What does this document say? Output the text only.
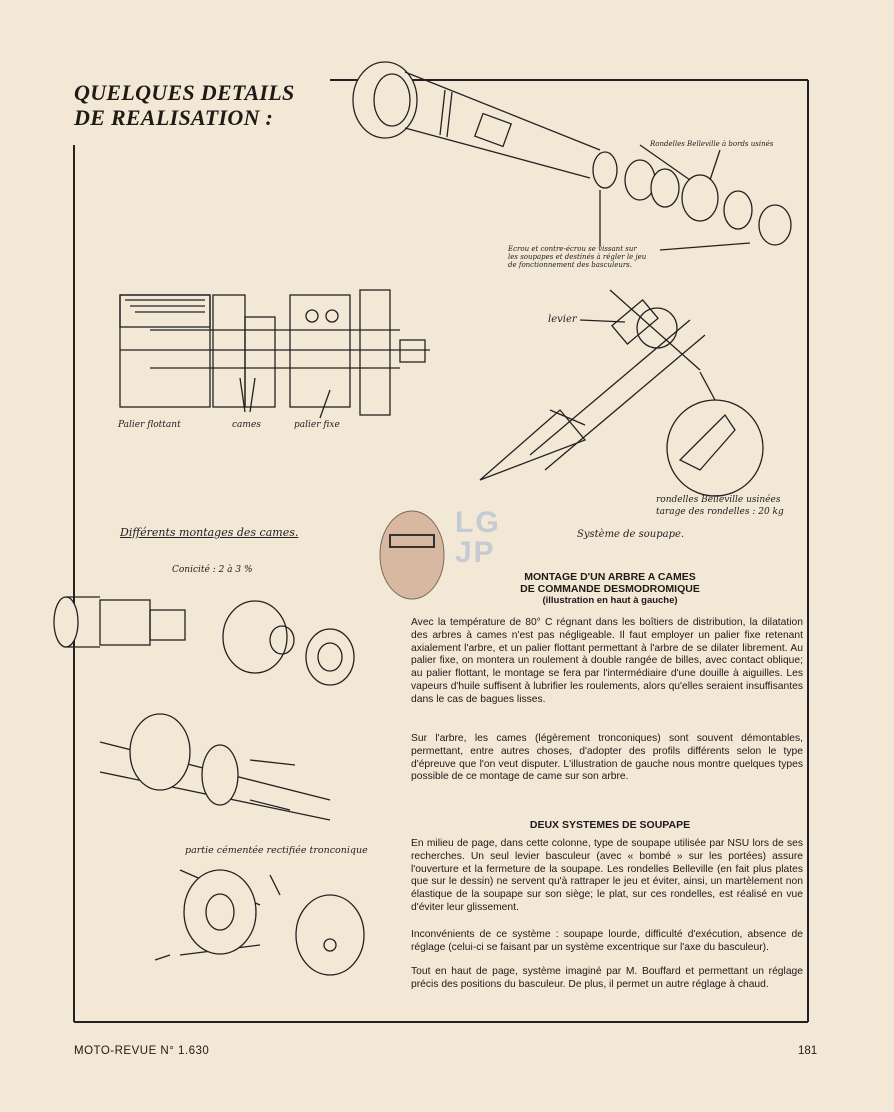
QUELQUES DETAILS
DE REALISATION :
Rondelles Belleville à bords usinés
Ecrou et contre-écrou se vissant sur
les soupapes et destinés à régler le jeu
de fonctionnement des basculeurs.
Palier flottant	cames	palier fixe
levier
rondelles Belleville usinées
tarage des rondelles : 20 kg
Système de soupape.
Différents montages des cames.
Conicité : 2 à 3 %
partie cémentée rectifiée tronconique
LG
JP
MONTAGE D'UN ARBRE A CAMES
DE COMMANDE DESMODROMIQUE
(illustration en haut à gauche)
Avec la température de 80° C régnant dans les boîtiers de distribution, la dilatation des arbres à cames n'est pas négligeable. Il faut employer un palier fixe retenant axialement l'arbre, et un palier flottant permettant à l'arbre de se dilater librement. Au palier fixe, on montera un roulement à double rangée de billes, avec contact oblique; au palier flottant, le montage se fera par l'intermédiaire d'une douille à aiguilles. Les vapeurs d'huile suffisent à lubrifier les roulements, alors qu'elles seraient insuffisantes dans le cas de bagues lisses.
Sur l'arbre, les cames (légèrement tronconiques) sont souvent démontables, permettant, entre autres choses, d'adopter des profils différents selon le type d'épreuve que l'on veut disputer. L'illustration de gauche nous montre quelques types possible de ce montage de came sur son arbre.
DEUX SYSTEMES DE SOUPAPE
En milieu de page, dans cette colonne, type de soupape utilisée par NSU lors de ses recherches. Un seul levier basculeur (avec « bombé » sur les portées) assure l'ouverture et la fermeture de la soupape. Les rondelles Belleville (en fait plus plates que sur le dessin) ne servent qu'à rattraper le jeu et éviter, ainsi, un martèlement non élastique de la soupape sur son siège; le plat, sur ces rondelles, est réalisé en vue d'éviter leur glissement.
Inconvénients de ce système : soupape lourde, difficulté d'exécution, absence de réglage (celui-ci se faisant par un système excentrique sur l'axe du basculeur).
Tout en haut de page, système imaginé par M. Bouffard et permettant un réglage précis des positions du basculeur. De plus, il permet un autre réglage à chaud.
MOTO-REVUE N° 1.630	181
